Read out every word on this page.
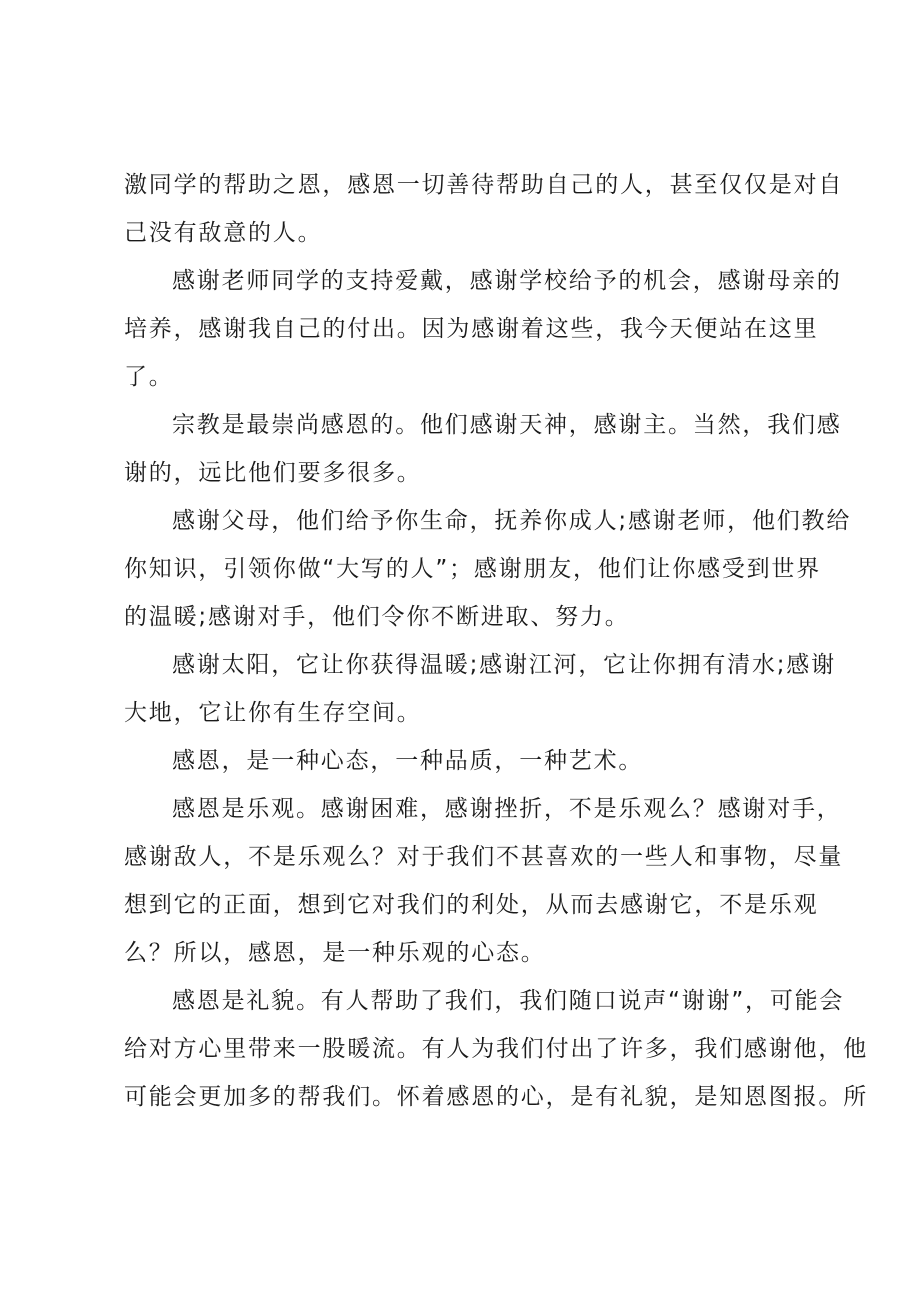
激同学的帮助之恩，感恩一切善待帮助自己的人，甚至仅仅是对自

己没有敌意的人。

感谢老师同学的支持爱戴，感谢学校给予的机会，感谢母亲的

培养，感谢我自己的付出。因为感谢着这些，我今天便站在这里

了。

宗教是最崇尚感恩的。他们感谢天神，感谢主。当然，我们感

谢的，远比他们要多很多。

感谢父母，他们给予你生命，抚养你成人;感谢老师，他们教给

你知识，引领你做“大写的人”；感谢朋友，他们让你感受到世界

的温暖;感谢对手，他们令你不断进取、努力。

感谢太阳，它让你获得温暖;感谢江河，它让你拥有清水;感谢

大地，它让你有生存空间。

感恩，是一种心态，一种品质，一种艺术。

感恩是乐观。感谢困难，感谢挫折，不是乐观么？感谢对手，

感谢敌人，不是乐观么？对于我们不甚喜欢的一些人和事物，尽量

想到它的正面，想到它对我们的利处，从而去感谢它，不是乐观

么？所以，感恩，是一种乐观的心态。

感恩是礼貌。有人帮助了我们，我们随口说声“谢谢”，可能会

给对方心里带来一股暖流。有人为我们付出了许多，我们感谢他，他

可能会更加多的帮我们。怀着感恩的心，是有礼貌，是知恩图报。所
